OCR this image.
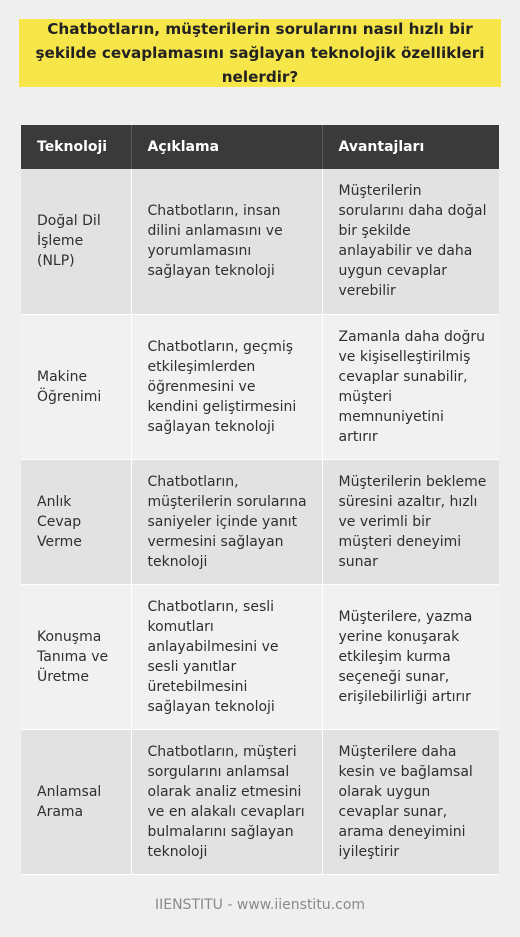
Chatbotların, müşterilerin sorularını nasıl hızlı bir şekilde cevaplamasını sağlayan teknolojik özellikleri nelerdir?
Teknoloji	Açıklama	Avantajları
Doğal Dil İşleme (NLP)	Chatbotların, insan dilini anlamasını ve yorumlamasını sağlayan teknoloji	Müşterilerin sorularını daha doğal bir şekilde anlayabilir ve daha uygun cevaplar verebilir
Makine Öğrenimi	Chatbotların, geçmiş etkileşimlerden öğrenmesini ve kendini geliştirmesini sağlayan teknoloji	Zamanla daha doğru ve kişiselleştirilmiş cevaplar sunabilir, müşteri memnuniyetini artırır
Anlık Cevap Verme	Chatbotların, müşterilerin sorularına saniyeler içinde yanıt vermesini sağlayan teknoloji	Müşterilerin bekleme süresini azaltır, hızlı ve verimli bir müşteri deneyimi sunar
Konuşma Tanıma ve Üretme	Chatbotların, sesli komutları anlayabilmesini ve sesli yanıtlar üretebilmesini sağlayan teknoloji	Müşterilere, yazma yerine konuşarak etkileşim kurma seçeneği sunar, erişilebilirliği artırır
Anlamsal Arama	Chatbotların, müşteri sorgularını anlamsal olarak analiz etmesini ve en alakalı cevapları bulmalarını sağlayan teknoloji	Müşterilere daha kesin ve bağlamsal olarak uygun cevaplar sunar, arama deneyimini iyileştirir
IIENSTITU - www.iienstitu.com
